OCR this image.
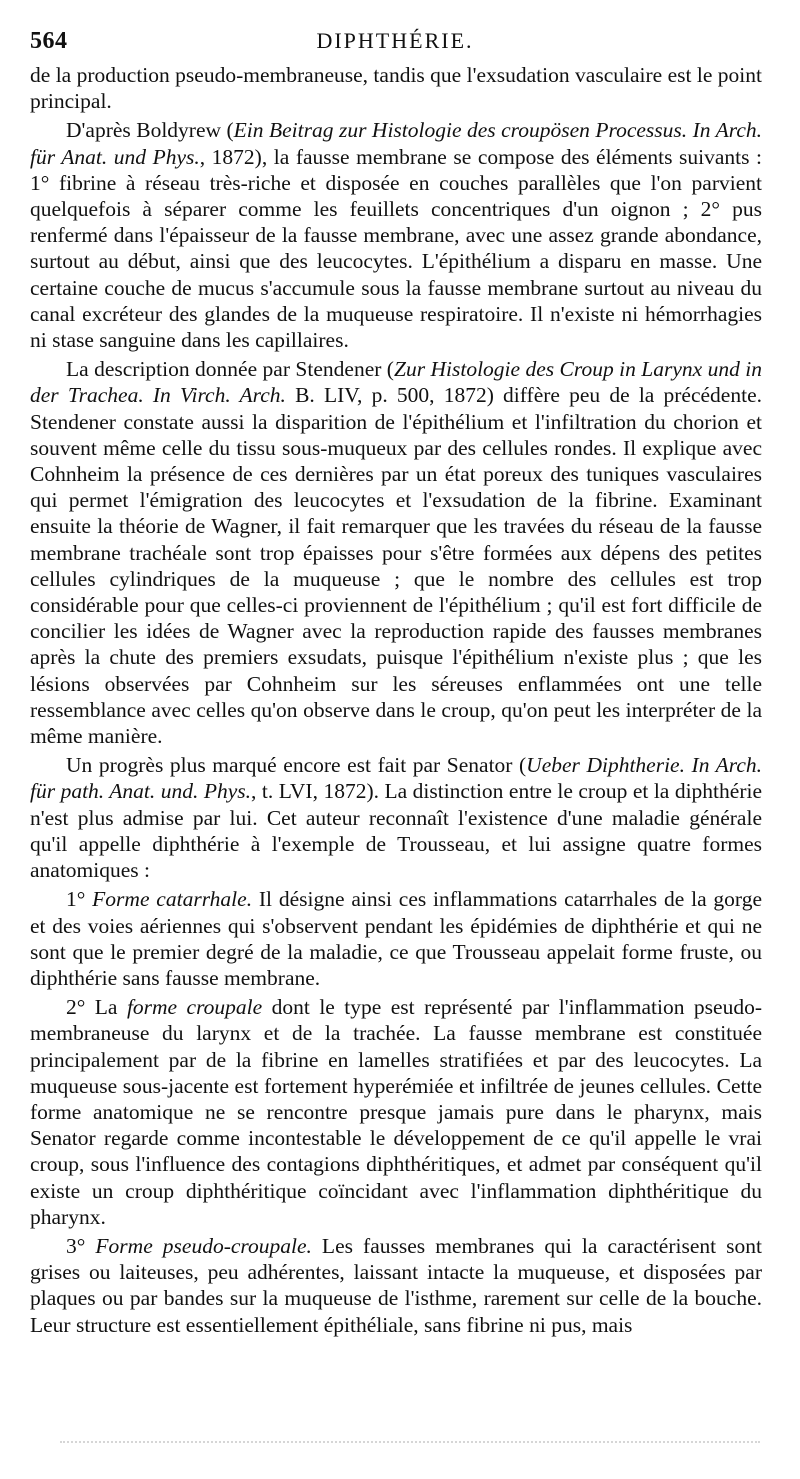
564	DIPHTHÉRIE.

de la production pseudo-membraneuse, tandis que l'exsudation vasculaire est le point principal.

D'après Boldyrew (Ein Beitrag zur Histologie des croupösen Processus. In Arch. für Anat. und Phys., 1872), la fausse membrane se compose des éléments suivants : 1° fibrine à réseau très-riche et disposée en couches parallèles que l'on parvient quelquefois à séparer comme les feuillets concentriques d'un oignon ; 2° pus renfermé dans l'épaisseur de la fausse membrane, avec une assez grande abondance, surtout au début, ainsi que des leucocytes. L'épithélium a disparu en masse. Une certaine couche de mucus s'accumule sous la fausse membrane surtout au niveau du canal excréteur des glandes de la muqueuse respiratoire. Il n'existe ni hémorrhagies ni stase sanguine dans les capillaires.

La description donnée par Stendener (Zur Histologie des Croup in Larynx und in der Trachea. In Virch. Arch. B. LIV, p. 500, 1872) diffère peu de la précédente. Stendener constate aussi la disparition de l'épithélium et l'infiltration du chorion et souvent même celle du tissu sous-muqueux par des cellules rondes. Il explique avec Cohnheim la présence de ces dernières par un état poreux des tuniques vasculaires qui permet l'émigration des leucocytes et l'exsudation de la fibrine. Examinant ensuite la théorie de Wagner, il fait remarquer que les travées du réseau de la fausse membrane trachéale sont trop épaisses pour s'être formées aux dépens des petites cellules cylindriques de la muqueuse ; que le nombre des cellules est trop considérable pour que celles-ci proviennent de l'épithélium ; qu'il est fort difficile de concilier les idées de Wagner avec la reproduction rapide des fausses membranes après la chute des premiers exsudats, puisque l'épithélium n'existe plus ; que les lésions observées par Cohnheim sur les séreuses enflammées ont une telle ressemblance avec celles qu'on observe dans le croup, qu'on peut les interpréter de la même manière.

Un progrès plus marqué encore est fait par Senator (Ueber Diphtherie. In Arch. für path. Anat. und. Phys., t. LVI, 1872). La distinction entre le croup et la diphthérie n'est plus admise par lui. Cet auteur reconnaît l'existence d'une maladie générale qu'il appelle diphthérie à l'exemple de Trousseau, et lui assigne quatre formes anatomiques :

1° Forme catarrhale. Il désigne ainsi ces inflammations catarrhales de la gorge et des voies aériennes qui s'observent pendant les épidémies de diphthérie et qui ne sont que le premier degré de la maladie, ce que Trousseau appelait forme fruste, ou diphthérie sans fausse membrane.

2° La forme croupale dont le type est représenté par l'inflammation pseudo-membraneuse du larynx et de la trachée. La fausse membrane est constituée principalement par de la fibrine en lamelles stratifiées et par des leucocytes. La muqueuse sous-jacente est fortement hyperémiée et infiltrée de jeunes cellules. Cette forme anatomique ne se rencontre presque jamais pure dans le pharynx, mais Senator regarde comme incontestable le développement de ce qu'il appelle le vrai croup, sous l'influence des contagions diphthéritiques, et admet par conséquent qu'il existe un croup diphthéritique coïncidant avec l'inflammation diphthéritique du pharynx.

3° Forme pseudo-croupale. Les fausses membranes qui la caractérisent sont grises ou laiteuses, peu adhérentes, laissant intacte la muqueuse, et disposées par plaques ou par bandes sur la muqueuse de l'isthme, rarement sur celle de la bouche. Leur structure est essentiellement épithéliale, sans fibrine ni pus, mais
